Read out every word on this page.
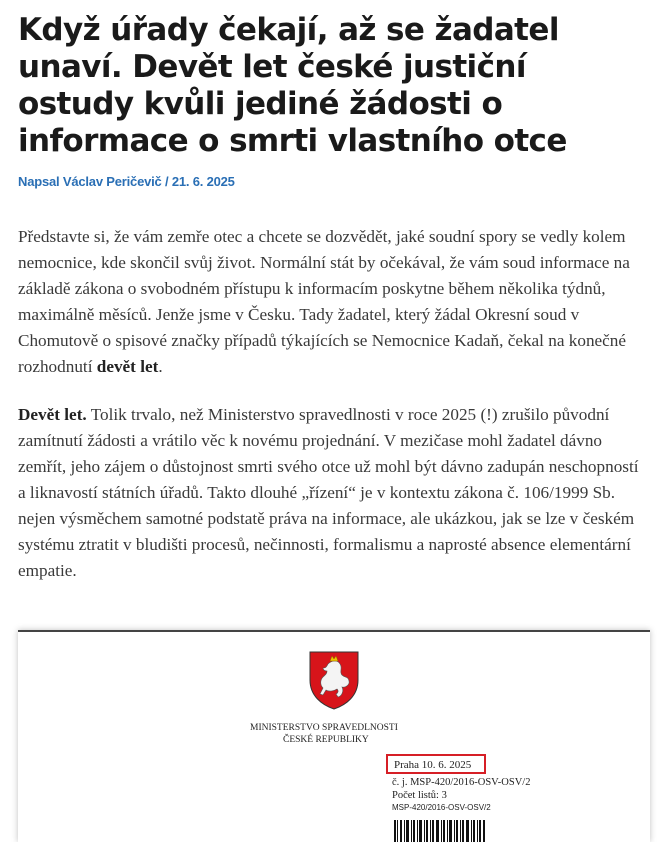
Když úřady čekají, až se žadatel unaví. Devět let české justiční ostudy kvůli jediné žádosti o informace o smrti vlastního otce
Napsal Václav Peričevič / 21. 6. 2025

Představte si, že vám zemře otec a chcete se dozvědět, jaké soudní spory se vedly kolem nemocnice, kde skončil svůj život. Normální stát by očekával, že vám soud informace na základě zákona o svobodném přístupu k informacím poskytne během několika týdnů, maximálně měsíců. Jenže jsme v Česku. Tady žadatel, který žádal Okresní soud v Chomutově o spisové značky případů týkajících se Nemocnice Kadaň, čekal na konečné rozhodnutí devět let.

Devět let. Tolik trvalo, než Ministerstvo spravedlnosti v roce 2025 (!) zrušilo původní zamítnutí žádosti a vrátilo věc k novému projednání. V mezičase mohl žadatel dávno zemřít, jeho zájem o důstojnost smrti svého otce už mohl být dávno zadupán neschopností a liknavostí státních úřadů. Takto dlouhé „řízení“ je v kontextu zákona č. 106/1999 Sb. nejen výsměchem samotné podstatě práva na informace, ale ukázkou, jak se lze v českém systému ztratit v bludišti procesů, nečinnosti, formalismu a naprosté absence elementární empatie.

MINISTERSTVO SPRAVEDLNOSTI
ČESKÉ REPUBLIKY
Praha 10. 6. 2025
č. j. MSP-420/2016-OSV-OSV/2
Počet listů: 3
MSP-420/2016-OSV-OSV/2
